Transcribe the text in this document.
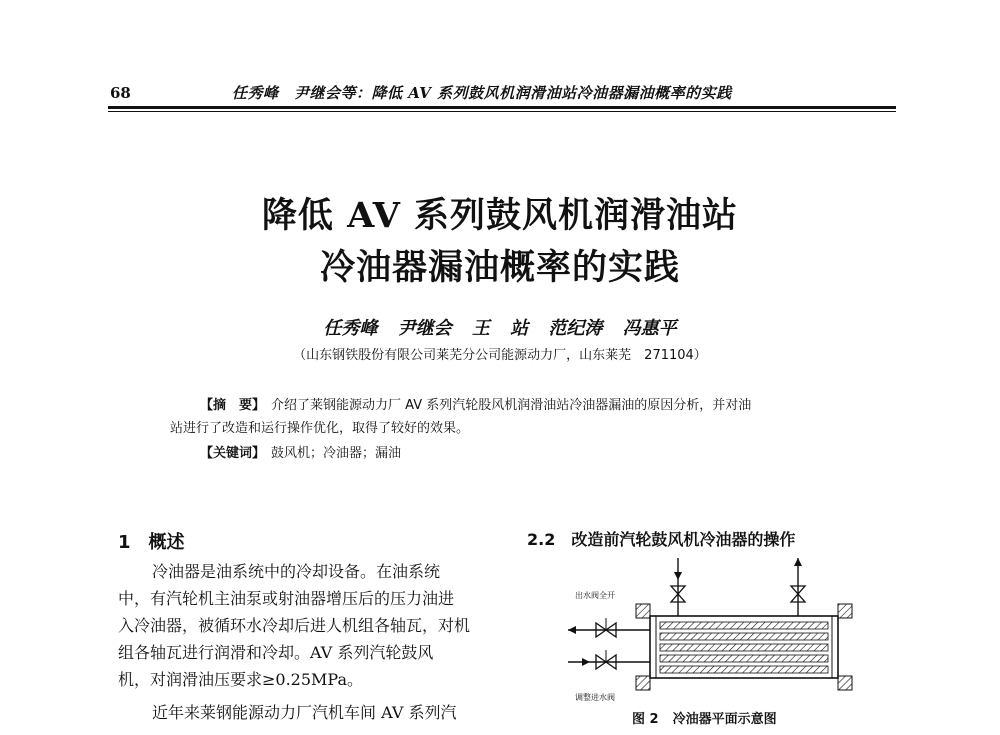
68	任秀峰　尹继会等：降低 AV 系列鼓风机润滑油站冷油器漏油概率的实践
降低 AV 系列鼓风机润滑油站
冷油器漏油概率的实践
任秀峰 尹继会 王 站 范纪涛 冯惠平
（山东钢铁股份有限公司莱芜分公司能源动力厂，山东莱芜　271104）
【摘　要】 介绍了莱钢能源动力厂 AV 系列汽轮股风机润滑油站冷油器漏油的原因分析，并对油
站进行了改造和运行操作优化，取得了较好的效果。
【关键词】 鼓风机；冷油器；漏油
1 概述
冷油器是油系统中的冷却设备。在油系统
中，有汽轮机主油泵或射油器增压后的压力油进
入冷油器，被循环水冷却后进人机组各轴瓦，对机
组各轴瓦进行润滑和冷却。AV 系列汽轮鼓风
机，对润滑油压要求≥0.25MPa。
近年来莱钢能源动力厂汽机车间 AV 系列汽
2.2 改造前汽轮鼓风机冷油器的操作
出水阀全开
调整进水阀
图 2 冷油器平面示意图
